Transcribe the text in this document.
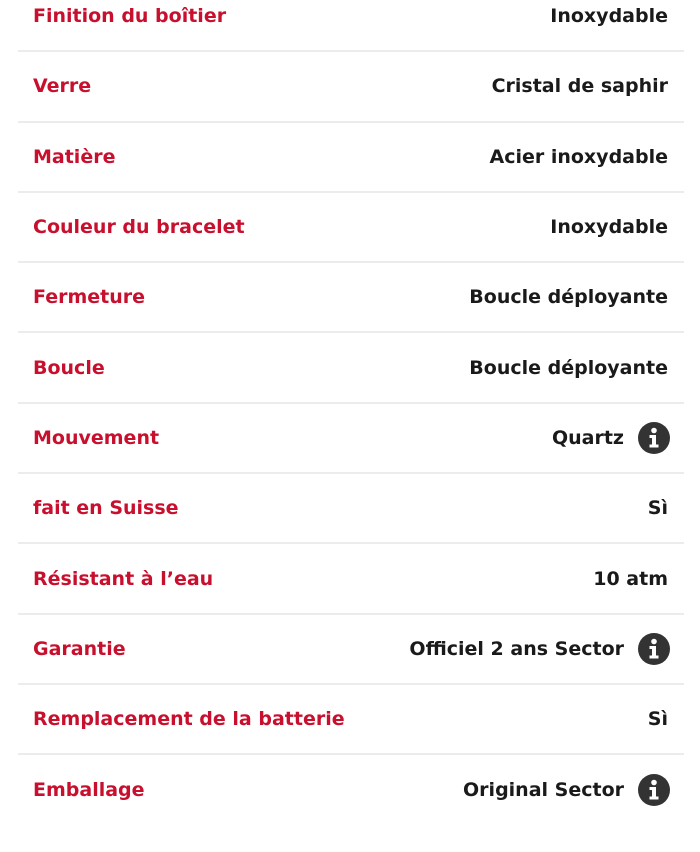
Finition du boîtier	Inoxydable
Verre	Cristal de saphir
Matière	Acier inoxydable
Couleur du bracelet	Inoxydable
Fermeture	Boucle déployante
Boucle	Boucle déployante
Mouvement	Quartz
fait en Suisse	Sì
Résistant à l’eau	10 atm
Garantie	Officiel 2 ans Sector
Remplacement de la batterie	Sì
Emballage	Original Sector
